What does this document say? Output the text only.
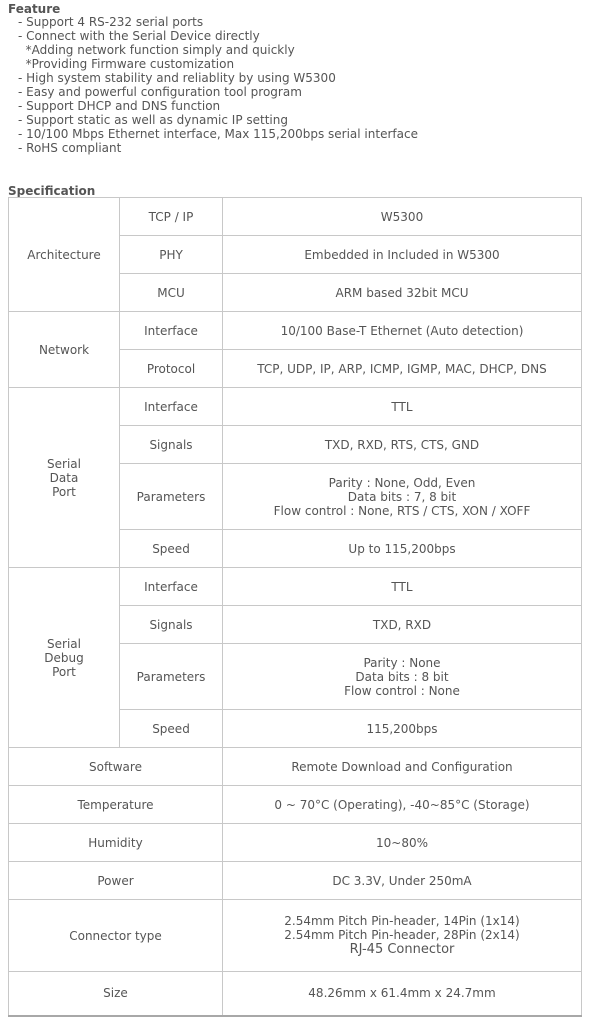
Feature
- Support 4 RS-232 serial ports
- Connect with the Serial Device directly
*Adding network function simply and quickly
*Providing Firmware customization
- High system stability and reliablity by using W5300
- Easy and powerful configuration tool program
- Support DHCP and DNS function
- Support static as well as dynamic IP setting
- 10/100 Mbps Ethernet interface, Max 115,200bps serial interface
- RoHS compliant
Specification
Architecture	TCP / IP	W5300
	PHY	Embedded in Included in W5300
	MCU	ARM based 32bit MCU
Network	Interface	10/100 Base-T Ethernet (Auto detection)
	Protocol	TCP, UDP, IP, ARP, ICMP, IGMP, MAC, DHCP, DNS
Serial
Data
Port	Interface	TTL
	Signals	TXD, RXD, RTS, CTS, GND
	Parameters	Parity : None, Odd, Even
Data bits : 7, 8 bit
Flow control : None, RTS / CTS, XON / XOFF

	Speed	Up to 115,200bps
Serial
Debug
Port	Interface	TTL
	Signals	TXD, RXD
	Parameters	Parity : None
Data bits : 8 bit
Flow control : None

	Speed	115,200bps
Software		Remote Download and Configuration
Temperature		0 ~ 70°C (Operating), -40~85°C (Storage)
Humidity		10~80%
Power		DC 3.3V, Under 250mA
Connector type		2.54mm Pitch Pin-header, 14Pin (1x14)
2.54mm Pitch Pin-header, 28Pin (2x14)
RJ-45 Connector

Size		48.26mm x 61.4mm x 24.7mm
